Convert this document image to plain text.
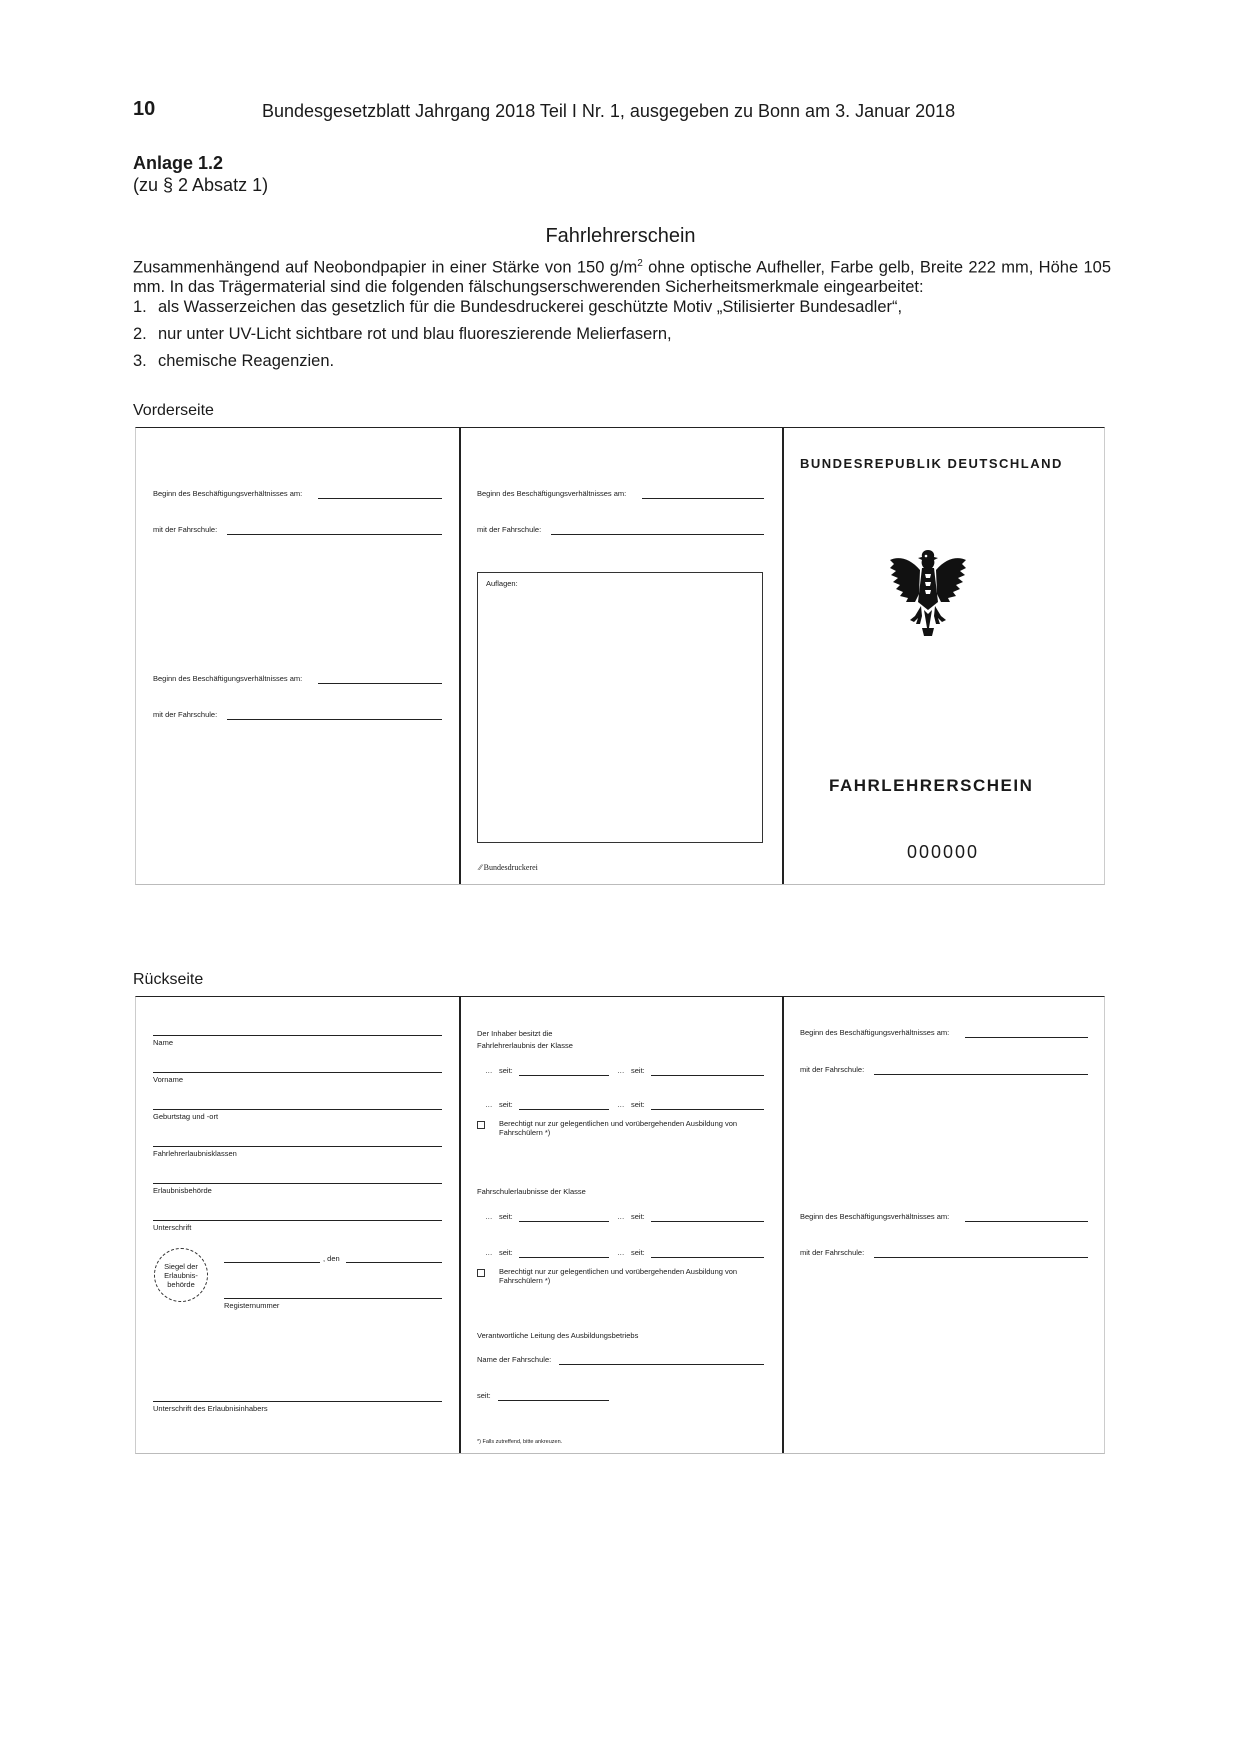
10	Bundesgesetzblatt Jahrgang 2018 Teil I Nr. 1, ausgegeben zu Bonn am 3. Januar 2018
Anlage 1.2
(zu § 2 Absatz 1)
Fahrlehrerschein
Zusammenhängend auf Neobondpapier in einer Stärke von 150 $g/m^2$ ohne optische Aufheller, Farbe gelb, Breite 222 mm, Höhe 105 mm. In das Trägermaterial sind die folgenden fälschungserschwerenden Sicherheitsmerkmale eingearbeitet:
1. als Wasserzeichen das gesetzlich für die Bundesdruckerei geschützte Motiv „Stilisierter Bundesadler“,
2. nur unter UV-Licht sichtbare rot und blau fluoreszierende Melierfasern,
3. chemische Reagenzien.
Vorderseite
Beginn des Beschäftigungsverhältnisses am:
mit der Fahrschule:
Beginn des Beschäftigungsverhältnisses am:
mit der Fahrschule:
Beginn des Beschäftigungsverhältnisses am:
mit der Fahrschule:
Auflagen:
⁄⁄ Bundesdruckerei
BUNDESREPUBLIK DEUTSCHLAND
FAHRLEHRERSCHEIN
000000
Rückseite
Name
Vorname
Geburtstag und -ort
Fahrlehrerlaubnisklassen
Erlaubnisbehörde
Unterschrift
Siegel der Erlaubnis-behörde
, den
Registernummer
Unterschrift des Erlaubnisinhabers
Der Inhaber besitzt die
Fahrlehrerlaubnis der Klasse
… seit:	… seit:
… seit:	… seit:
Berechtigt nur zur gelegentlichen und vorübergehenden Ausbildung von
Fahrschülern *)
Fahrschulerlaubnisse der Klasse
… seit:	… seit:
… seit:	… seit:
Berechtigt nur zur gelegentlichen und vorübergehenden Ausbildung von
Fahrschülern *)
Verantwortliche Leitung des Ausbildungsbetriebs
Name der Fahrschule:
seit:
*) Falls zutreffend, bitte ankreuzen.
Beginn des Beschäftigungsverhältnisses am:
mit der Fahrschule:
Beginn des Beschäftigungsverhältnisses am:
mit der Fahrschule:
